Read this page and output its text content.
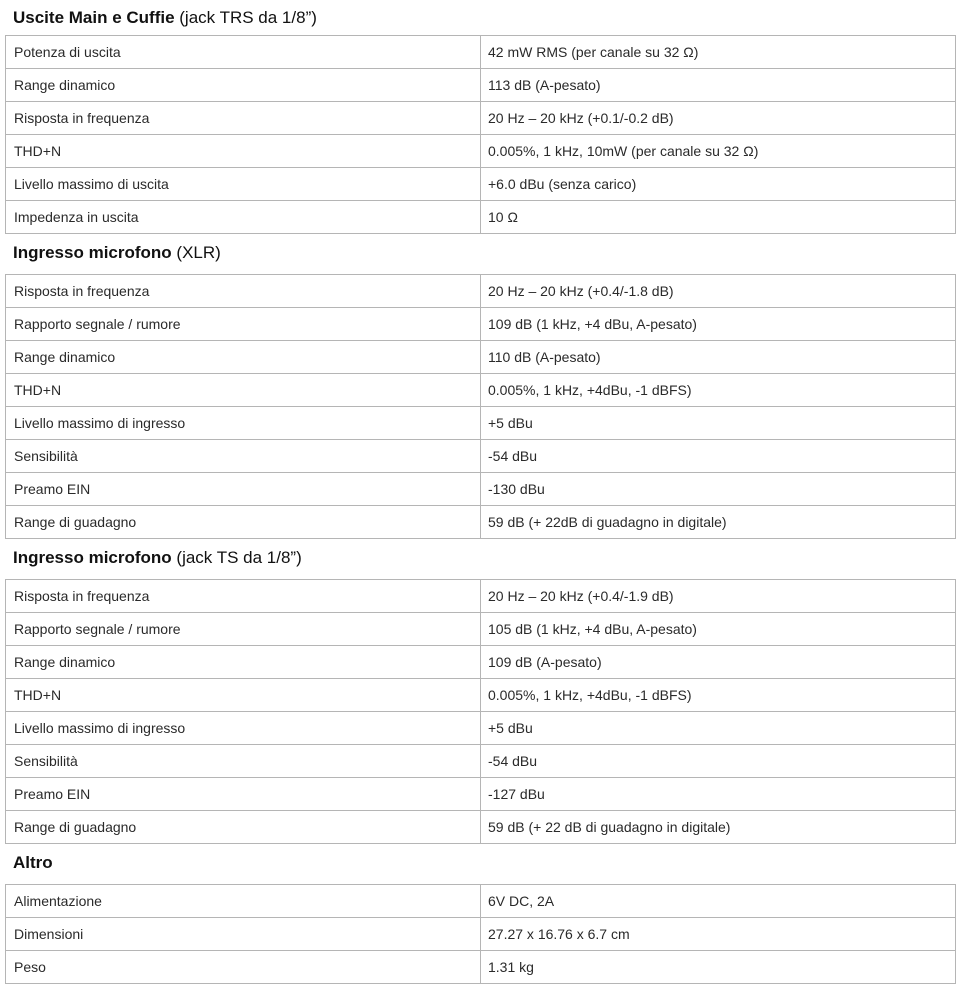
Uscite Main e Cuffie (jack TRS da 1/8”)
Potenza di uscita	42 mW RMS (per canale su 32 Ω)
Range dinamico	113 dB (A-pesato)
Risposta in frequenza	20 Hz – 20 kHz (+0.1/-0.2 dB)
THD+N	0.005%, 1 kHz, 10mW (per canale su 32 Ω)
Livello massimo di uscita	+6.0 dBu (senza carico)
Impedenza in uscita	10 Ω
Ingresso microfono (XLR)
Risposta in frequenza	20 Hz – 20 kHz (+0.4/-1.8 dB)
Rapporto segnale / rumore	109 dB (1 kHz, +4 dBu, A-pesato)
Range dinamico	110 dB (A-pesato)
THD+N	0.005%, 1 kHz, +4dBu, -1 dBFS)
Livello massimo di ingresso	+5 dBu
Sensibilità	-54 dBu
Preamo EIN	-130 dBu
Range di guadagno	59 dB (+ 22dB di guadagno in digitale)
Ingresso microfono (jack TS da 1/8”)
Risposta in frequenza	20 Hz – 20 kHz (+0.4/-1.9 dB)
Rapporto segnale / rumore	105 dB (1 kHz, +4 dBu, A-pesato)
Range dinamico	109 dB (A-pesato)
THD+N	0.005%, 1 kHz, +4dBu, -1 dBFS)
Livello massimo di ingresso	+5 dBu
Sensibilità	-54 dBu
Preamo EIN	-127 dBu
Range di guadagno	59 dB (+ 22 dB di guadagno in digitale)
Altro
Alimentazione	6V DC, 2A
Dimensioni	27.27 x 16.76 x 6.7 cm
Peso	1.31 kg
